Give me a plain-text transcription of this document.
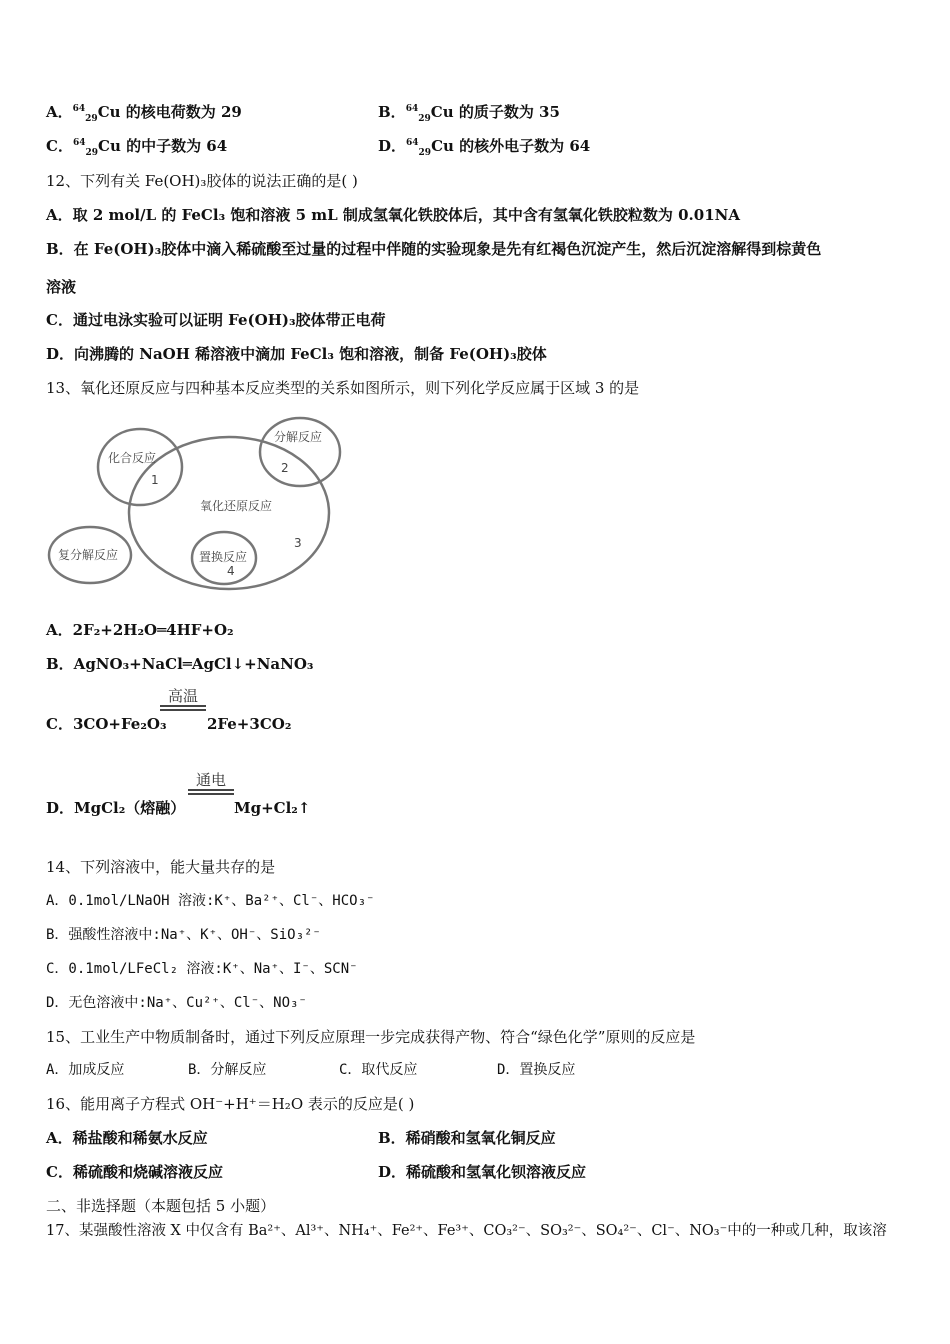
A．$^{64}_{29}$Cu 的核电荷数为 29	B．$^{64}_{29}$Cu 的质子数为 35
C．$^{64}_{29}$Cu 的中子数为 64	D．$^{64}_{29}$Cu 的核外电子数为 64
12、下列有关 Fe(OH)₃胶体的说法正确的是( )
A．取 2 mol/L 的 FeCl₃ 饱和溶液 5 mL 制成氢氧化铁胶体后，其中含有氢氧化铁胶粒数为 0.01NA
B．在 Fe(OH)₃胶体中滴入稀硫酸至过量的过程中伴随的实验现象是先有红褐色沉淀产生，然后沉淀溶解得到棕黄色
溶液
C．通过电泳实验可以证明 Fe(OH)₃胶体带正电荷
D．向沸腾的 NaOH 稀溶液中滴加 FeCl₃ 饱和溶液，制备 Fe(OH)₃胶体
13、氧化还原反应与四种基本反应类型的关系如图所示，则下列化学反应属于区域 3 的是
化合反应
1
分解反应
2
氧化还原反应
3
复分解反应	置换反应
4
A．2F₂+2H₂O═4HF+O₂
B．AgNO₃+NaCl═AgCl↓+NaNO₃
C．3CO+Fe₂O₃
高温
2Fe+3CO₂
D．MgCl₂（熔融）
通电
Mg+Cl₂↑
14、下列溶液中，能大量共存的是
A．0.1mol/LNaOH 溶液:K⁺、Ba²⁺、Cl⁻、HCO₃⁻
B．强酸性溶液中:Na⁺、K⁺、OH⁻、SiO₃²⁻
C．0.1mol/LFeCl₂ 溶液:K⁺、Na⁺、I⁻、SCN⁻
D．无色溶液中:Na⁺、Cu²⁺、Cl⁻、NO₃⁻
15、工业生产中物质制备时，通过下列反应原理一步完成获得产物、符合“绿色化学”原则的反应是
A．加成反应	B．分解反应	C．取代反应	D．置换反应
16、能用离子方程式 OH⁻+H⁺＝H₂O 表示的反应是( )
A．稀盐酸和稀氨水反应	B．稀硝酸和氢氧化铜反应
C．稀硫酸和烧碱溶液反应	D．稀硫酸和氢氧化钡溶液反应
二、非选择题（本题包括 5 小题）
17、某强酸性溶液 X 中仅含有 Ba²⁺、Al³⁺、NH₄⁺、Fe²⁺、Fe³⁺、CO₃²⁻、SO₃²⁻、SO₄²⁻、Cl⁻、NO₃⁻中的一种或几种，取该溶
